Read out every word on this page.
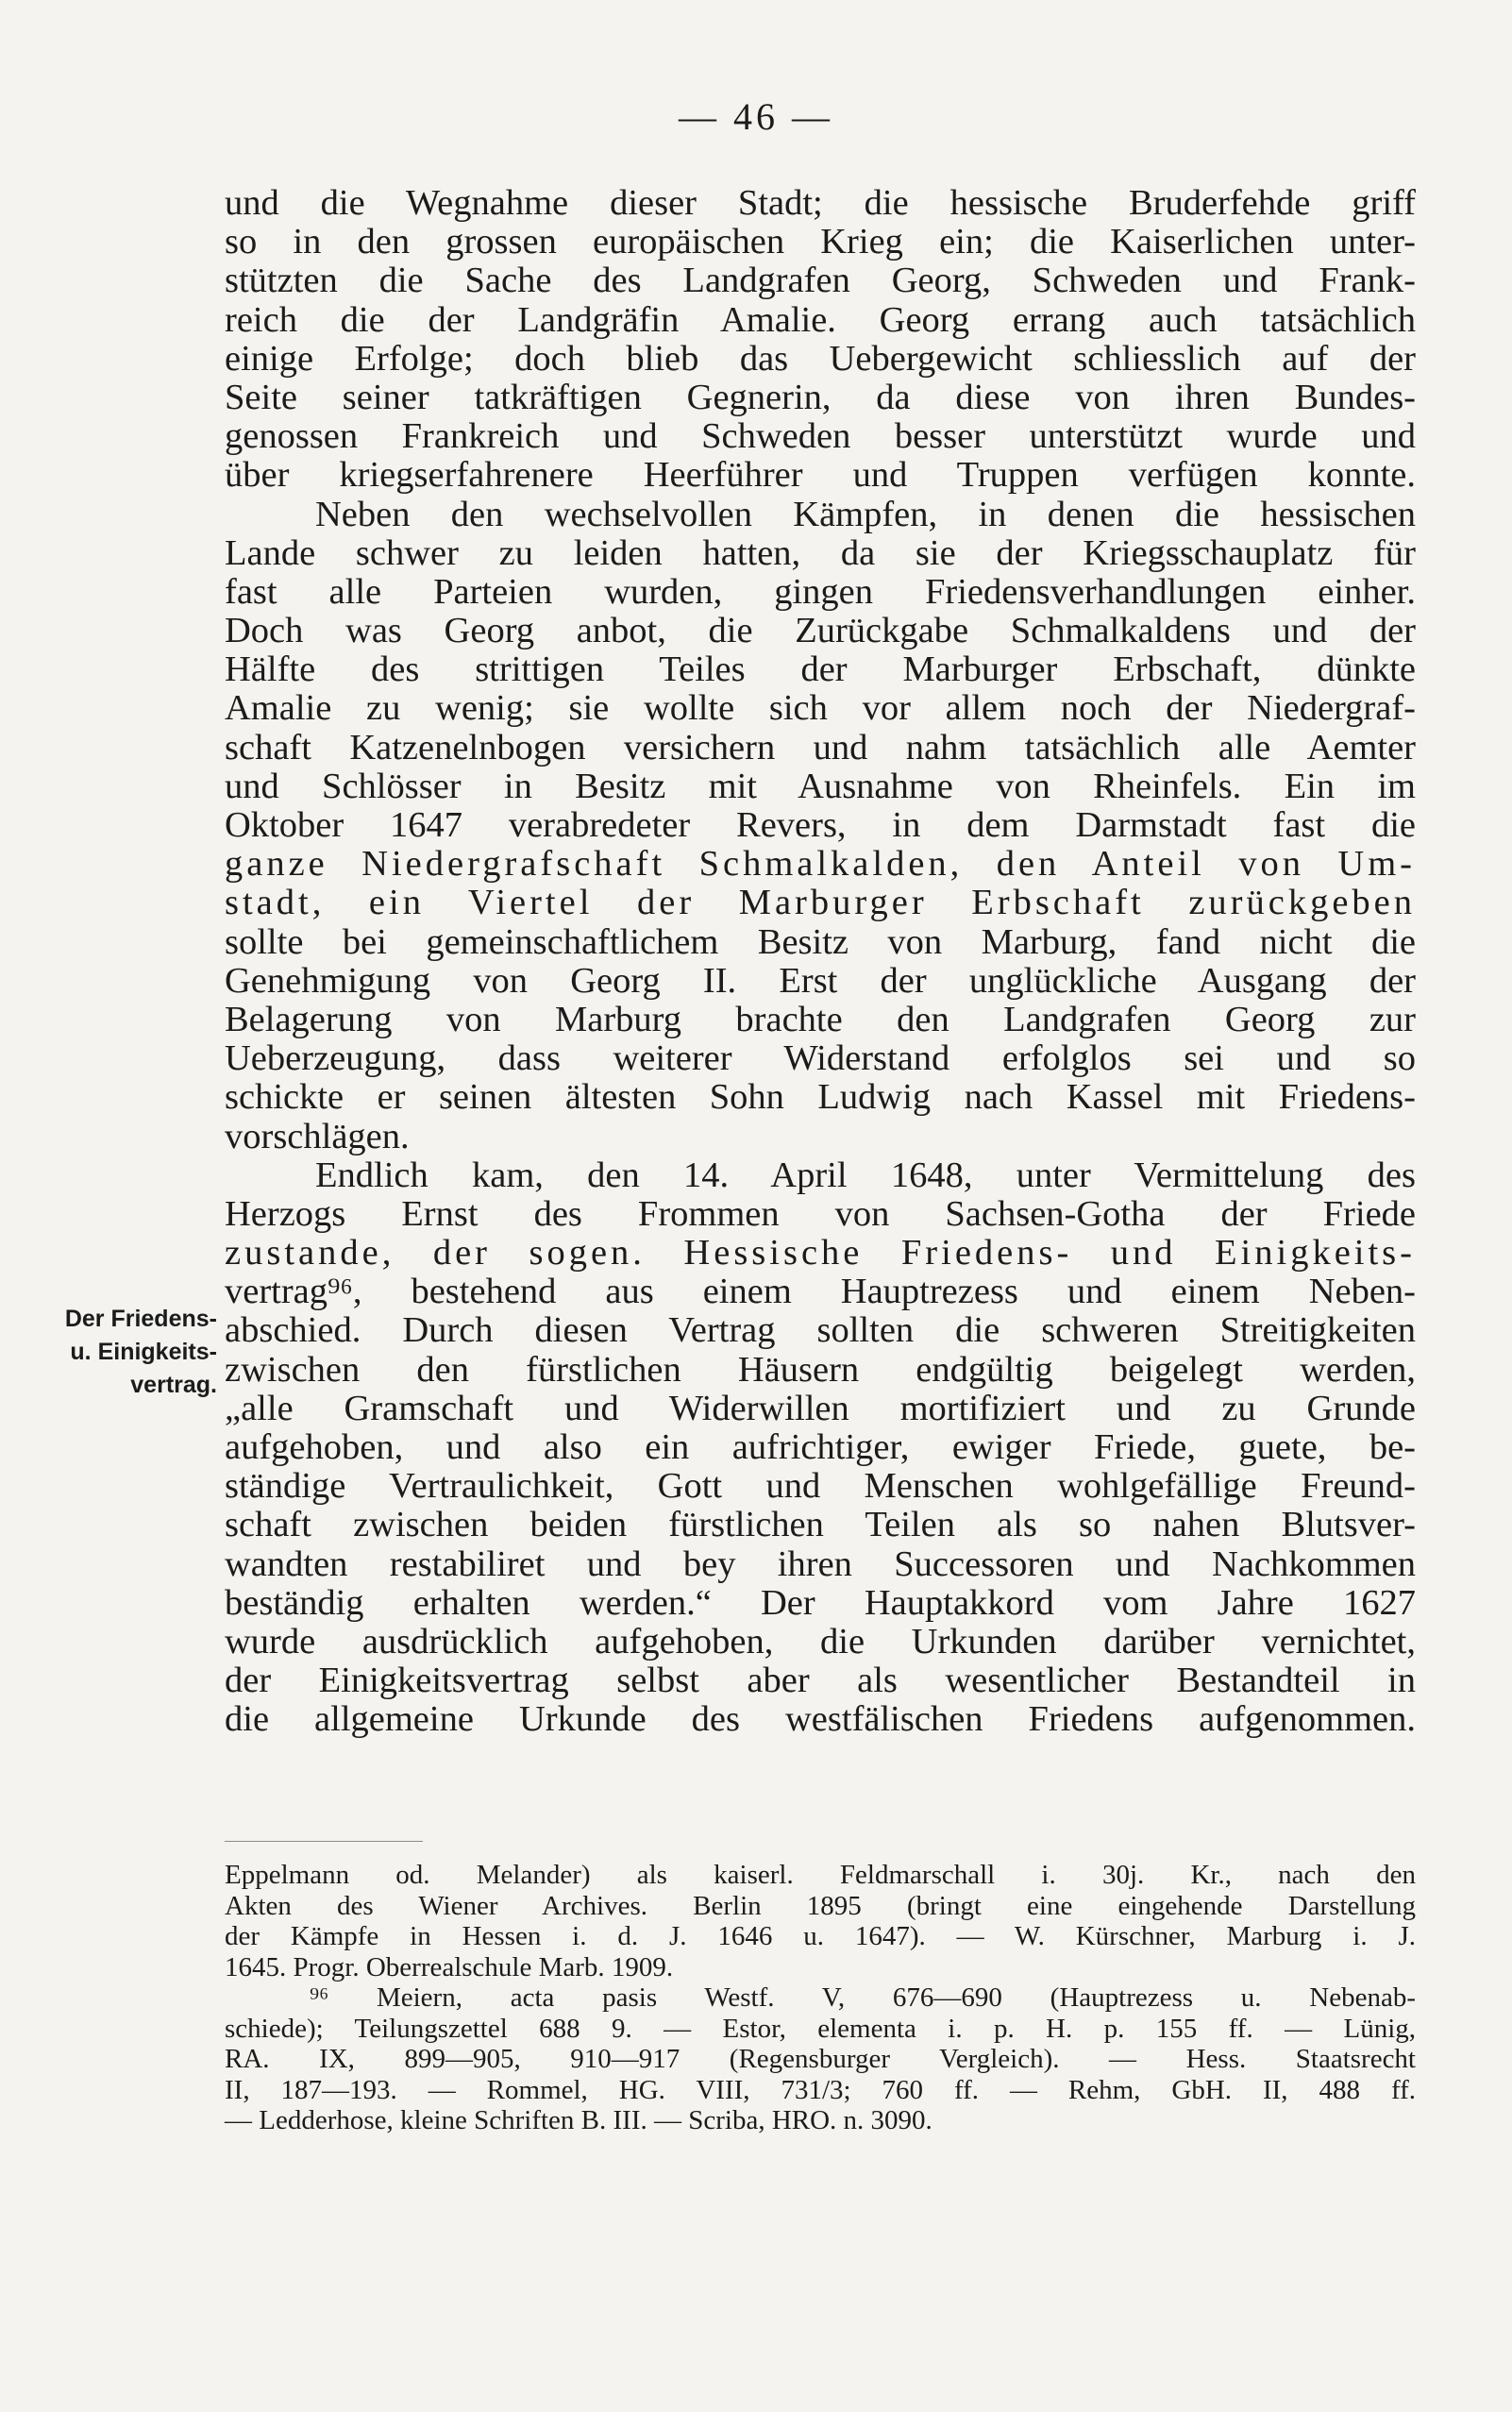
— 46 —
und die Wegnahme dieser Stadt; die hessische Bruderfehde griff
so in den grossen europäischen Krieg ein; die Kaiserlichen unter-
stützten die Sache des Landgrafen Georg, Schweden und Frank-
reich die der Landgräfin Amalie. Georg errang auch tatsächlich
einige Erfolge; doch blieb das Uebergewicht schliesslich auf der
Seite seiner tatkräftigen Gegnerin, da diese von ihren Bundes-
genossen Frankreich und Schweden besser unterstützt wurde und
über kriegserfahrenere Heerführer und Truppen verfügen konnte.
Neben den wechselvollen Kämpfen, in denen die hessischen
Lande schwer zu leiden hatten, da sie der Kriegsschauplatz für
fast alle Parteien wurden, gingen Friedensverhandlungen einher.
Doch was Georg anbot, die Zurückgabe Schmalkaldens und der
Hälfte des strittigen Teiles der Marburger Erbschaft, dünkte
Amalie zu wenig; sie wollte sich vor allem noch der Niedergraf-
schaft Katzenelnbogen versichern und nahm tatsächlich alle Aemter
und Schlösser in Besitz mit Ausnahme von Rheinfels. Ein im
Oktober 1647 verabredeter Revers, in dem Darmstadt fast die
ganze Niedergrafschaft Schmalkalden, den Anteil von Um-
stadt, ein Viertel der Marburger Erbschaft zurückgeben
sollte bei gemeinschaftlichem Besitz von Marburg, fand nicht die
Genehmigung von Georg II. Erst der unglückliche Ausgang der
Belagerung von Marburg brachte den Landgrafen Georg zur
Ueberzeugung, dass weiterer Widerstand erfolglos sei und so
schickte er seinen ältesten Sohn Ludwig nach Kassel mit Friedens-
vorschlägen.
Endlich kam, den 14. April 1648, unter Vermittelung des
Herzogs Ernst des Frommen von Sachsen-Gotha der Friede
zustande, der sogen. Hessische Friedens- und Einigkeits-
vertrag⁹⁶, bestehend aus einem Hauptrezess und einem Neben-
abschied. Durch diesen Vertrag sollten die schweren Streitigkeiten
zwischen den fürstlichen Häusern endgültig beigelegt werden,
„alle Gramschaft und Widerwillen mortifiziert und zu Grunde
aufgehoben, und also ein aufrichtiger, ewiger Friede, guete, be-
ständige Vertraulichkeit, Gott und Menschen wohlgefällige Freund-
schaft zwischen beiden fürstlichen Teilen als so nahen Blutsver-
wandten restabiliret und bey ihren Successoren und Nachkommen
beständig erhalten werden.“ Der Hauptakkord vom Jahre 1627
wurde ausdrücklich aufgehoben, die Urkunden darüber vernichtet,
der Einigkeitsvertrag selbst aber als wesentlicher Bestandteil in
die allgemeine Urkunde des westfälischen Friedens aufgenommen.
Der Friedens-
u. Einigkeits-
vertrag.
Eppelmann od. Melander) als kaiserl. Feldmarschall i. 30j. Kr., nach den
Akten des Wiener Archives. Berlin 1895 (bringt eine eingehende Darstellung
der Kämpfe in Hessen i. d. J. 1646 u. 1647). — W. Kürschner, Marburg i. J.
1645. Progr. Oberrealschule Marb. 1909.
⁹⁶ Meiern, acta pasis Westf. V, 676—690 (Hauptrezess u. Nebenab-
schiede); Teilungszettel 688 9. — Estor, elementa i. p. H. p. 155 ff. — Lünig,
RA. IX, 899—905, 910—917 (Regensburger Vergleich). — Hess. Staatsrecht
II, 187—193. — Rommel, HG. VIII, 731/3; 760 ff. — Rehm, GbH. II, 488 ff.
— Ledderhose, kleine Schriften B. III. — Scriba, HRO. n. 3090.
